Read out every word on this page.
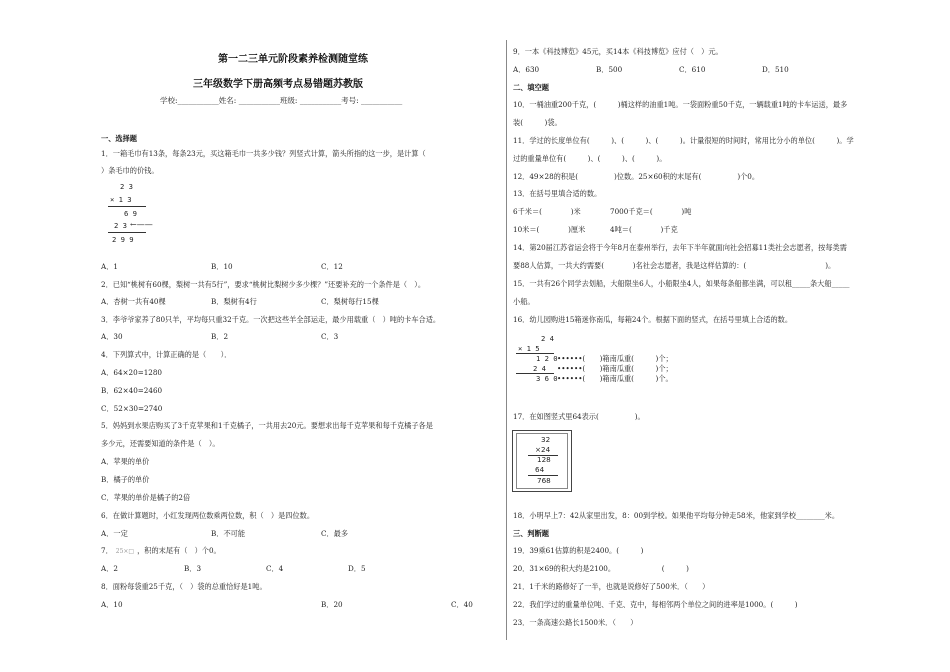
第一二三单元阶段素养检测随堂练
三年级数学下册高频考点易错题苏教版
学校:___________姓名: ___________班级: ___________考号: ___________
一、选择题
1．一箱毛巾有13条，每条23元，买这箱毛巾一共多少钱？列竖式计算，箭头所指的这一步，是计算（
）条毛巾的价钱。
2 3
× 1 3
6 9
2 3 ←——
2 9 9
A．1	B．10	C．12
2．已知“桃树有60棵，梨树一共有5行”，要求“桃树比梨树少多少棵？”还要补充的一个条件是（　）。
A．杏树一共有40棵	B．梨树有4行	C．梨树每行15棵
3．李爷爷家养了80只羊，平均每只重32千克。一次把这些羊全部运走，最少用载重（　）吨的卡车合适。
A．30	B．2	C．3
4．下列算式中，计算正确的是（　　）．
A．64×20=1280
B．62×40=2460
C．52×30=2740
5．妈妈到水果店购买了3千克苹果和1千克橘子，一共用去20元。要想求出每千克苹果和每千克橘子各是
多少元，还需要知道的条件是（　）。
A．苹果的单价
B．橘子的单价
C．苹果的单价是橘子的2倍
6．在做计算题时，小红发现两位数乘两位数，积（　）是四位数。
A．一定	B．不可能	C．最多
7． 25×□ ，积的末尾有（　）个0。
A．2	B．3	C．4	D．5
8．面粉每袋重25千克，（　）袋的总重恰好是1吨。
A．10	B．20	C．40
9．一本《科技博览》45元，买14本《科技博览》应付（　）元。
A．630	B．500	C．610	D．510
二、填空题
10．一桶油重200千克，(　　　)桶这样的油重1吨。一袋面粉重50千克，一辆载重1吨的卡车运送，最多
装(　　　)袋。
11．学过的长度单位有(　　　)、(　　　)、(　　　)。计量很短的时间时，常用比分小的单位(　　　)。学
过的重量单位有(　　　)、(　　　)、(　　　)。
12．49×28的积是(　　　　　)位数。25×60积的末尾有(　　　　　)个0。
13．在括号里填合适的数。
6千米＝(　　　　)米	7000千克＝(　　　　)吨
10米＝(　　　　)厘米	4吨＝(　　　　)千克
14．第20届江苏省运会将于今年8月在泰州举行，去年下半年就面向社会招募11类社会志愿者，按每类需
要88人估算，一共大约需要(　　　　)名社会志愿者，我是这样估算的：(　　　　　　　　　　　)。
15．一共有26个同学去划船，大船限坐6人，小船限坐4人，如果每条船都坐满，可以租_____条大船_____
小船。
16．幼儿园购进15箱迷你南瓜，每箱24个。根据下面的竖式，在括号里填上合适的数。
2 4
× 1 5
1 2 0
2 4
3 6 0
••••••(　　)箱南瓜重(　　　)个；
••••••(　　)箱南瓜重(　　　)个；
••••••(　　)箱南瓜重(　　　)个。
17．在如图竖式里64表示(　　　　　)。
32
×24
128
64
768
18．小明早上7：42从家里出发，8：00到学校。如果他平均每分钟走58米，他家到学校________米。
三、判断题
19．39乘61估算的积是2400。(　　　)
20．31×69的积大约是2100。　　　　　　　(　　　)
21．1千米的路修好了一半，也就是说修好了500米．（　　）
22．我们学过的重量单位吨、千克、克中，每相邻两个单位之间的进率是1000。(　　　)
23．一条高速公路长1500米．（　　）
